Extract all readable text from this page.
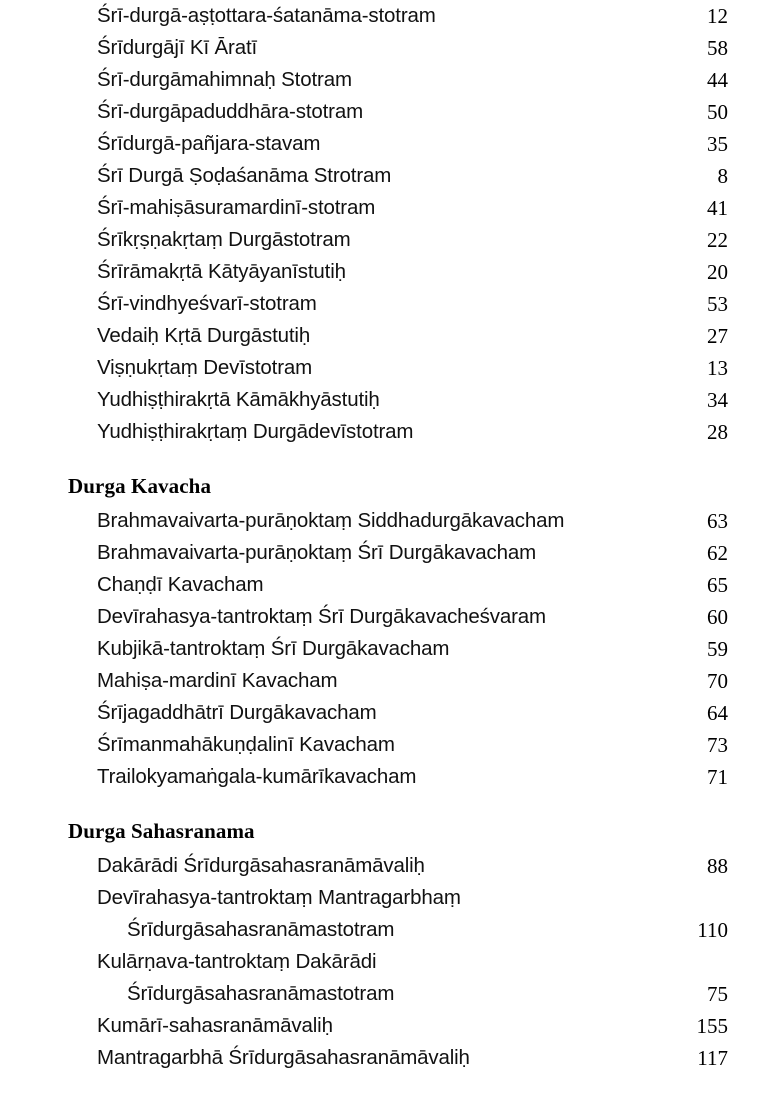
Śrī-durgā-aṣṭottara-śatanāma-stotram	12
Śrīdurgājī Kī Āratī	58
Śrī-durgāmahimnaḥ Stotram	44
Śrī-durgāpaduddhāra-stotram	50
Śrīdurgā-pañjara-stavam	35
Śrī Durgā Ṣoḍaśanāma Strotram	8
Śrī-mahiṣāsuramardinī-stotram	41
Śrīkṛṣṇakṛtaṃ Durgāstotram	22
Śrīrāmakṛtā Kātyāyanīstutiḥ	20
Śrī-vindhyeśvarī-stotram	53
Vedaiḥ Kṛtā Durgāstutiḥ	27
Viṣṇukṛtaṃ Devīstotram	13
Yudhiṣṭhirakṛtā Kāmākhyāstutiḥ	34
Yudhiṣṭhirakṛtaṃ Durgādevīstotram	28
Durga Kavacha
Brahmavaivarta-purāṇoktaṃ Siddhadurgākavacham	63
Brahmavaivarta-purāṇoktaṃ Śrī Durgākavacham	62
Chaṇḍī Kavacham	65
Devīrahasya-tantroktaṃ Śrī Durgākavacheśvaram	60
Kubjikā-tantroktaṃ Śrī Durgākavacham	59
Mahiṣa-mardinī Kavacham	70
Śrījagaddhātrī Durgākavacham	64
Śrīmanmahākuṇḍalinī Kavacham	73
Trailokyamaṅgala-kumārīkavacham	71
Durga Sahasranama
Dakārādi Śrīdurgāsahasranāmāvaliḥ	88
Devīrahasya-tantroktaṃ Mantragarbhaṃ
Śrīdurgāsahasranāmastotram	110
Kulārṇava-tantroktaṃ Dakārādi
Śrīdurgāsahasranāmastotram	75
Kumārī-sahasranāmāvaliḥ	155
Mantragarbhā Śrīdurgāsahasranāmāvaliḥ	117
